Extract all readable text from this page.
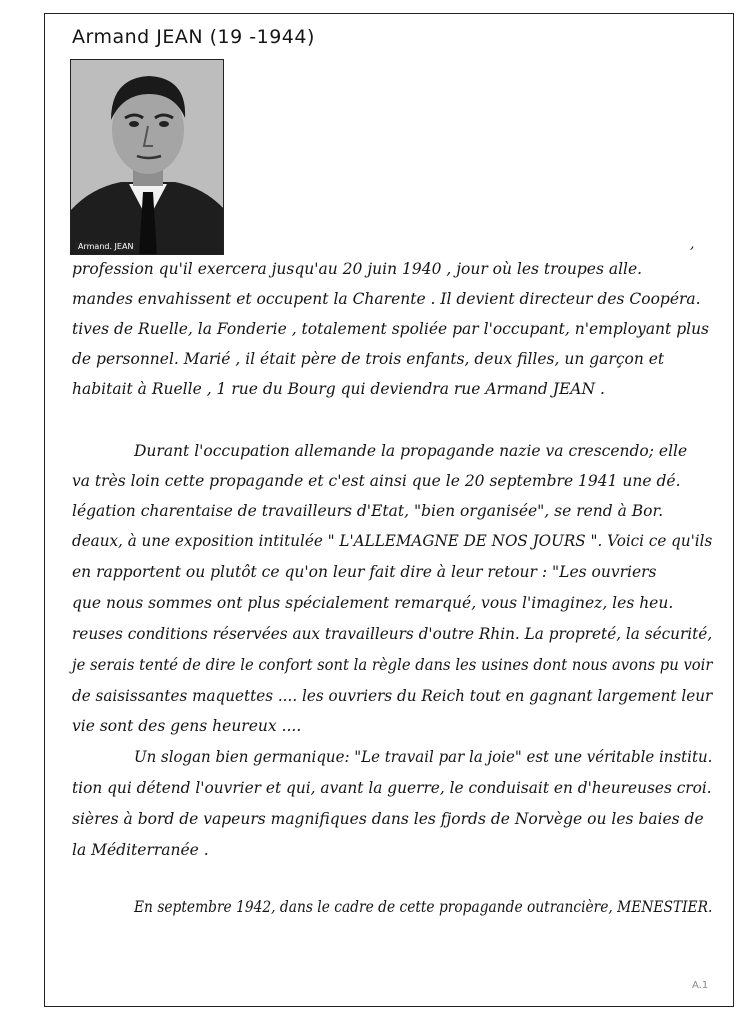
Armand JEAN (19 -1944)
Armand. JEAN	,
profession qu'il exercera jusqu'au 20 juin 1940 , jour où les troupes alle.
mandes envahissent et occupent la Charente . Il devient directeur des Coopéra.
tives de Ruelle, la Fonderie , totalement spoliée par l'occupant, n'employant plus
de personnel. Marié , il était père de trois enfants, deux filles, un garçon et
habitait à Ruelle , 1 rue du Bourg qui deviendra rue Armand JEAN .
Durant l'occupation allemande la propagande nazie va crescendo; elle
va très loin cette propagande et c'est ainsi que le 20 septembre 1941 une dé.
légation charentaise de travailleurs d'Etat, "bien organisée", se rend à Bor.
deaux, à une exposition intitulée " L'ALLEMAGNE DE NOS JOURS ". Voici ce qu'ils
en rapportent ou plutôt ce qu'on leur fait dire à leur retour : "Les ouvriers
que nous sommes ont plus spécialement remarqué, vous l'imaginez, les heu.
reuses conditions réservées aux travailleurs d'outre Rhin. La propreté, la sécurité,
je serais tenté de dire le confort sont la règle dans les usines dont nous avons pu voir
de saisissantes maquettes .... les ouvriers du Reich tout en gagnant largement leur
vie sont des gens heureux ....
Un slogan bien germanique: "Le travail par la joie" est une véritable institu.
tion qui détend l'ouvrier et qui, avant la guerre, le conduisait en d'heureuses croi.
sières à bord de vapeurs magnifiques dans les fjords de Norvège ou les baies de
la Méditerranée .
En septembre 1942, dans le cadre de cette propagande outrancière, MENESTIER.
A.1
